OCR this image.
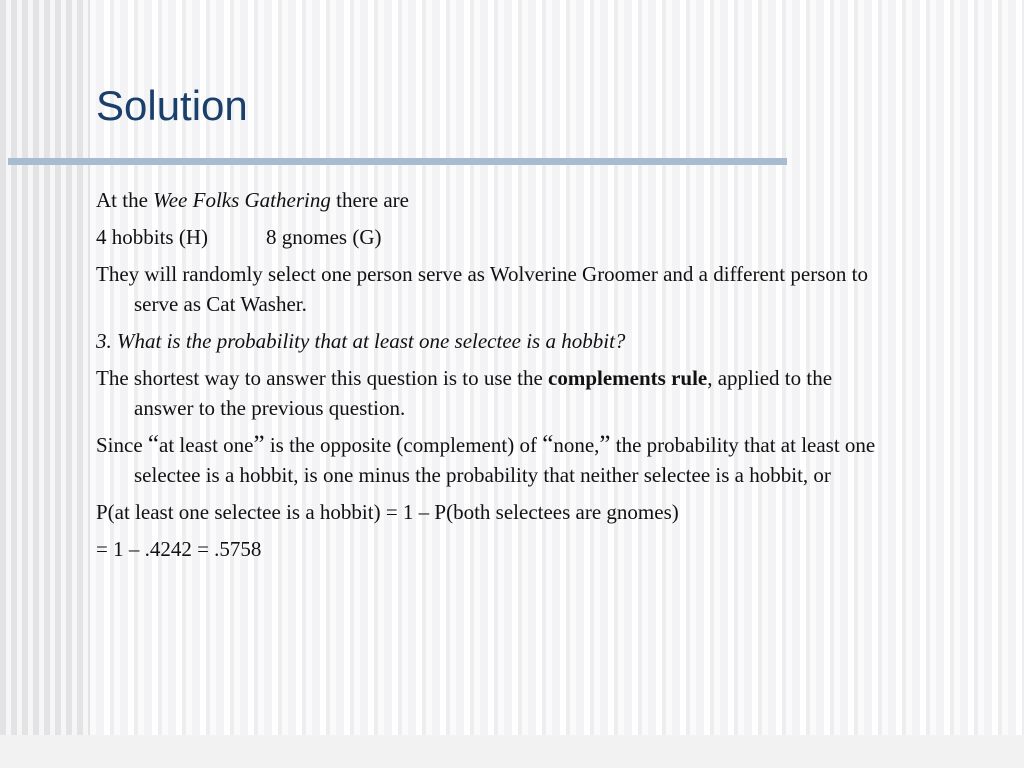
Solution

At the Wee Folks Gathering there are

4 hobbits (H)	8 gnomes (G)

They will randomly select one person serve as Wolverine Groomer and a different person to serve as Cat Washer.

3. What is the probability that at least one selectee is a hobbit?

The shortest way to answer this question is to use the complements rule, applied to the answer to the previous question.

Since “at least one” is the opposite (complement) of “none,” the probability that at least one selectee is a hobbit, is one minus the probability that neither selectee is a hobbit, or

P(at least one selectee is a hobbit) = 1 – P(both selectees are gnomes)

= 1 – .4242 = .5758
